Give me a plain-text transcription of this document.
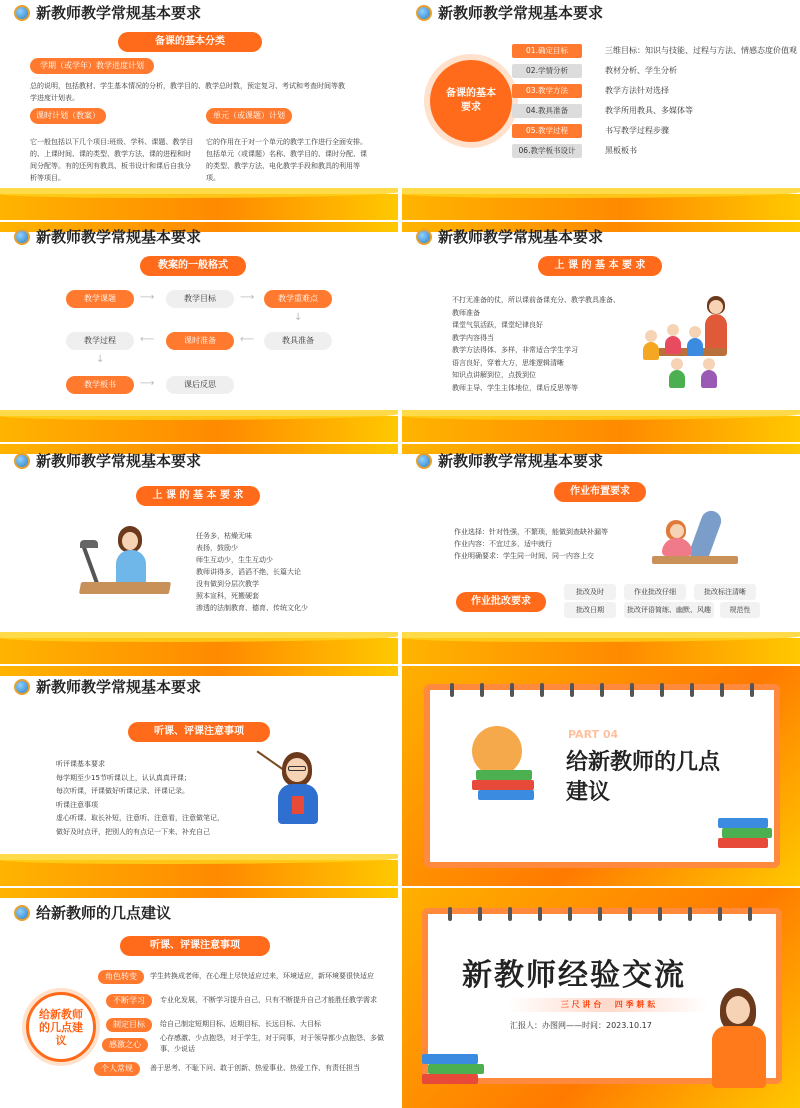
新教师教学常规基本要求
备课的基本分类
学期（或学年）教学进度计划
总的说明，包括教材、学生基本情况的分析，教学目的、教学总时数，预定复习、考试和考查时间等教学进度计划表。
课时计划（教案）	单元（或课题）计划
它一般包括以下几个项目:班级、学科、课题、教学目的、上课时间、课的类型、教学方法、课的进程和时间分配等。有的还列有教具、板书设计和课后自我分析等项目。
它的作用在于对一个单元的教学工作进行全面安排。包括单元（或课题）名称、教学目的、课时分配、课的类型、教学方法、电化教学手段和教具的利用等项。
新教师教学常规基本要求
备课的基本要求
01.确定目标	三维目标：知识与技能、过程与方法、情感态度价值观
02.学情分析	教材分析、学生分析
03.教学方法	教学方法针对选择
04.教具准备	教学所用教具、多媒体等
05.教学过程	书写教学过程步骤
06.教学板书设计	黑板板书
新教师教学常规基本要求
教案的一般格式
教学课题	⟶	教学目标	⟶	教学重难点
↓
教学过程	⟵	课时准备	⟵	教具准备
↓
教学板书	⟶	课后反思
新教师教学常规基本要求
上 课 的 基 本 要 求
不打无准备的仗，所以课前备课充分、教学教具准备、
教师准备
课堂气氛活跃，课堂纪律良好
教学内容得当
教学方法得体、多样，非常适合学生学习
语言良好，穿着大方，思维逻辑清晰
知识点讲解到位，点拨到位
教师主导、学生主体地位，课后反思等等
新教师教学常规基本要求
上 课 的 基 本 要 求
任务多，枯燥无味
表扬，鼓励少
师生互动少，生生互动少
教师讲得多，滔滔不绝，长篇大论
没有做到分层次教学
照本宣科，死搬硬套
渗透的法制教育、德育、传统文化少
新教师教学常规基本要求
作业布置要求
作业选择：针对性强，不繁琐，能做到查缺补漏等
作业内容：不宜过多，适中就行
作业明确要求：学生同一时间、同一内容上交
作业批改要求
批改及时	作业批改仔细	批改标注清晰
批改日期	批改评语简练、幽默、风趣	规范性
新教师教学常规基本要求
听课、评课注意事项
听评课基本要求
每学期至少15节听课以上，认认真真评课；
每次听课，评课做好听课记录、评课记录。
听课注意事项
虚心听课、取长补短，注意听、注意看，注意做笔记，
做好及时点评，把别人的有点记一下来、补充自己
PART 04
给新教师的几点
建议
给新教师的几点建议
听课、评课注意事项
给新教师的几点建议
角色转变	学生转换成老师，在心理上尽快适应过来，环境适应，新环境要很快适应
不断学习	专业化发展，不断学习提升自己，只有不断提升自己才能胜任教学需求
制定目标	给自己制定短期目标、近期目标、长远目标、大目标
感激之心
心存感激、少点抱怨，对于学生，对于同事，对于领导都少点抱怨、多做事、少说话
个人常规	善于思考、不耻下问、敢于创新、热爱事业、热爱工作、有责任担当
新教师经验交流
三 尺 讲 台 　 四 季 耕 耘
汇报人：办图网——时间：2023.10.17
